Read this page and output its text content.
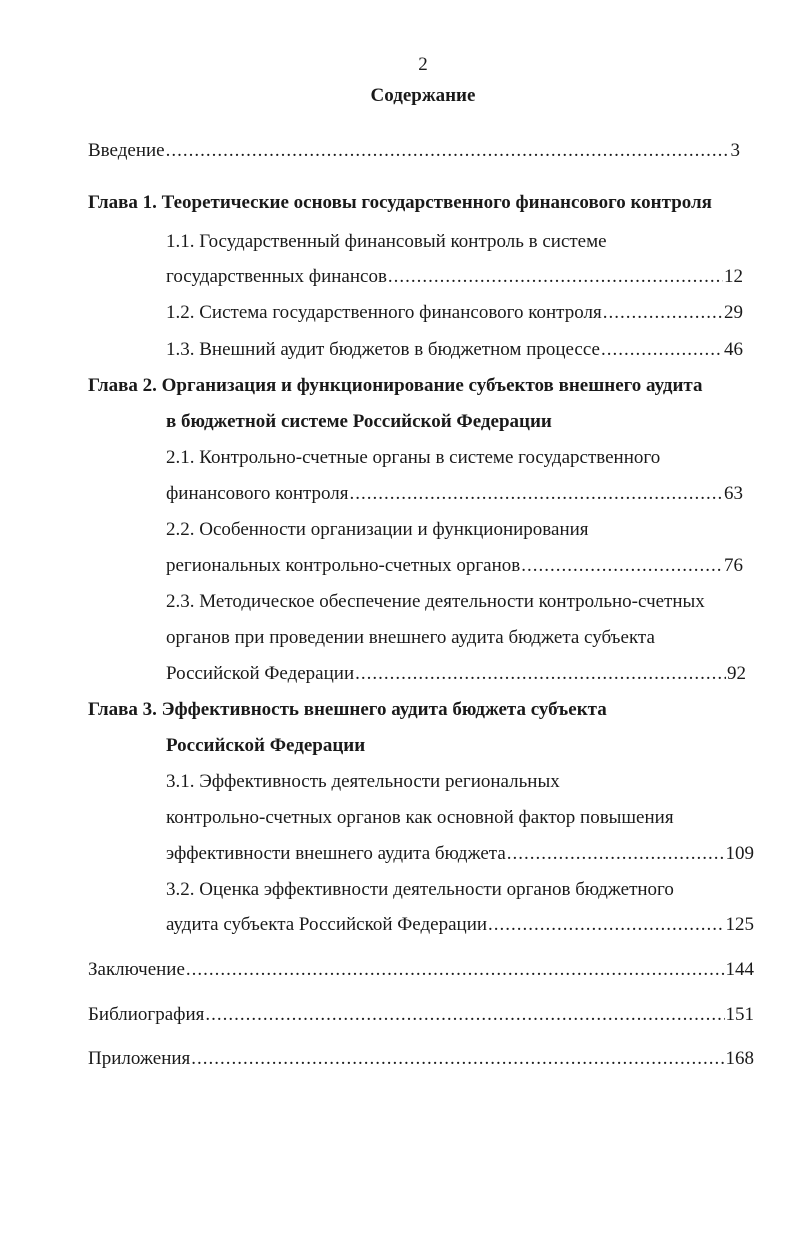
2
Содержание
Введение .....	3
Глава 1. Теоретические основы государственного финансового контроля
1.1. Государственный финансовый контроль в системе
государственных финансов .....	12
1.2. Система государственного финансового контроля .....	29
1.3. Внешний аудит бюджетов в бюджетном процессе .....	46
Глава 2. Организация и функционирование субъектов внешнего аудита
в бюджетной системе Российской Федерации
2.1. Контрольно-счетные органы в системе государственного
финансового контроля .....	63
2.2. Особенности организации и функционирования
региональных контрольно-счетных органов .....	76
2.3. Методическое обеспечение деятельности контрольно-счетных
органов при проведении внешнего аудита бюджета субъекта
Российской Федерации .....	92
Глава 3. Эффективность внешнего аудита бюджета субъекта
Российской Федерации
3.1. Эффективность деятельности региональных
контрольно-счетных органов как основной фактор повышения
эффективности внешнего аудита бюджета .....	109
3.2. Оценка эффективности деятельности органов бюджетного
аудита субъекта Российской Федерации .....	125
Заключение .....	144
Библиография .....	151
Приложения .....	168
